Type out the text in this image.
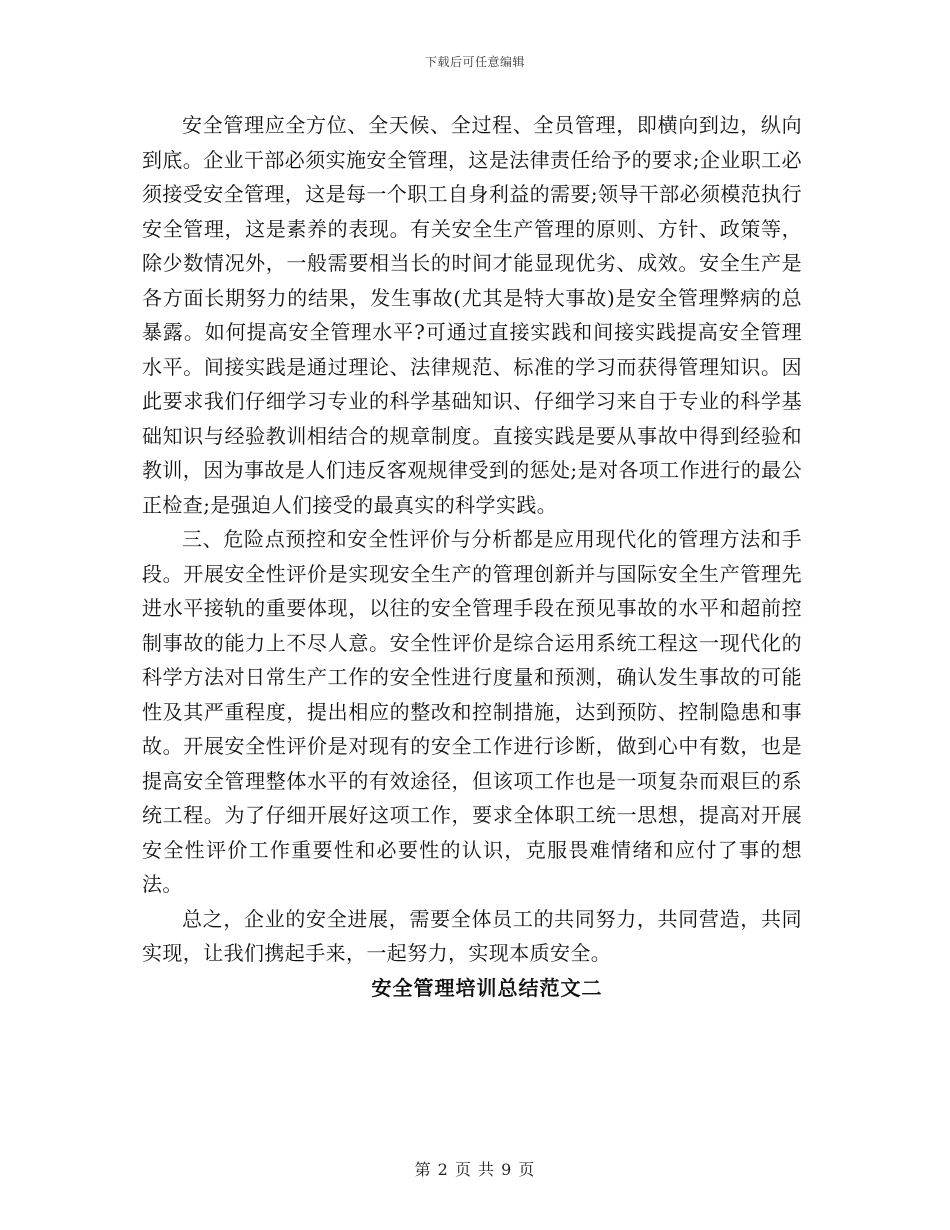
下载后可任意编辑

安全管理应全方位、全天候、全过程、全员管理，即横向到边，纵向到底。企业干部必须实施安全管理，这是法律责任给予的要求;企业职工必须接受安全管理，这是每一个职工自身利益的需要;领导干部必须模范执行安全管理，这是素养的表现。有关安全生产管理的原则、方针、政策等，除少数情况外，一般需要相当长的时间才能显现优劣、成效。安全生产是各方面长期努力的结果，发生事故(尤其是特大事故)是安全管理弊病的总暴露。如何提高安全管理水平?可通过直接实践和间接实践提高安全管理水平。间接实践是通过理论、法律规范、标准的学习而获得管理知识。因此要求我们仔细学习专业的科学基础知识、仔细学习来自于专业的科学基础知识与经验教训相结合的规章制度。直接实践是要从事故中得到经验和教训，因为事故是人们违反客观规律受到的惩处;是对各项工作进行的最公正检查;是强迫人们接受的最真实的科学实践。

三、危险点预控和安全性评价与分析都是应用现代化的管理方法和手段。开展安全性评价是实现安全生产的管理创新并与国际安全生产管理先进水平接轨的重要体现，以往的安全管理手段在预见事故的水平和超前控制事故的能力上不尽人意。安全性评价是综合运用系统工程这一现代化的科学方法对日常生产工作的安全性进行度量和预测，确认发生事故的可能性及其严重程度，提出相应的整改和控制措施，达到预防、控制隐患和事故。开展安全性评价是对现有的安全工作进行诊断，做到心中有数，也是提高安全管理整体水平的有效途径，但该项工作也是一项复杂而艰巨的系统工程。为了仔细开展好这项工作，要求全体职工统一思想，提高对开展安全性评价工作重要性和必要性的认识，克服畏难情绪和应付了事的想法。

总之，企业的安全进展，需要全体员工的共同努力，共同营造，共同实现，让我们携起手来，一起努力，实现本质安全。

安全管理培训总结范文二

第 2 页 共 9 页
